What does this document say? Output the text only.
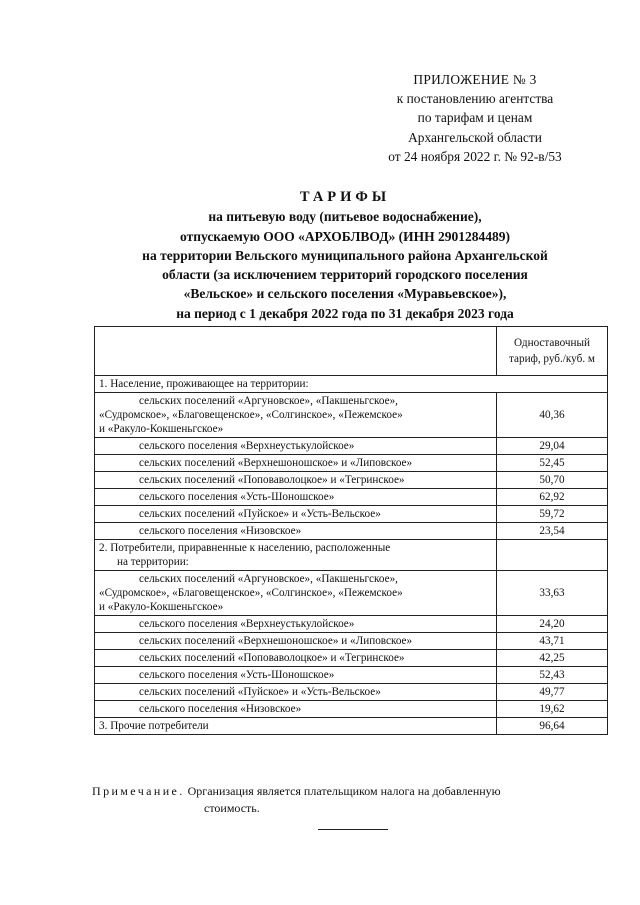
ПРИЛОЖЕНИЕ № 3
к постановлению агентства
по тарифам и ценам
Архангельской области
от 24 ноября 2022 г. № 92-в/53
ТАРИФЫ
на питьевую воду (питьевое водоснабжение),
отпускаемую ООО «АРХОБЛВОД» (ИНН 2901284489)
на территории Вельского муниципального района Архангельской
области (за исключением территорий городского поселения
«Вельское» и сельского поселения «Муравьевское»),
на период с 1 декабря 2022 года по 31 декабря 2023 года
	Одноставочный тариф, руб./куб. м
1. Население, проживающее на территории:	

сельских поселений «Аргуновское», «Пакшеньгское»,
«Судромское», «Благовещенское», «Солгинское», «Пежемское»
и «Ракуло-Кокшеньгское»	40,36
сельского поселения «Верхнеустькулойское»	29,04
сельских поселений «Верхнешоношское» и «Липовское»	52,45
сельских поселений «Поповаволоцкое» и «Тегринское»	50,70
сельского поселения «Усть-Шоношское»	62,92
сельских поселений «Пуйское» и «Усть-Вельское»	59,72
сельского поселения «Низовское»	23,54

2. Потребители, приравненные к населению, расположенные
на территории:	

сельских поселений «Аргуновское», «Пакшеньгское»,
«Судромское», «Благовещенское», «Солгинское», «Пежемское»
и «Ракуло-Кокшеньгское»	33,63
сельского поселения «Верхнеустькулойское»	24,20
сельских поселений «Верхнешоношское» и «Липовское»	43,71
сельских поселений «Поповаволоцкое» и «Тегринское»	42,25
сельского поселения «Усть-Шоношское»	52,43
сельских поселений «Пуйское» и «Усть-Вельское»	49,77
сельского поселения «Низовское»	19,62
3. Прочие потребители	96,64
Примечание. Организация является плательщиком налога на добавленную
стоимость.
